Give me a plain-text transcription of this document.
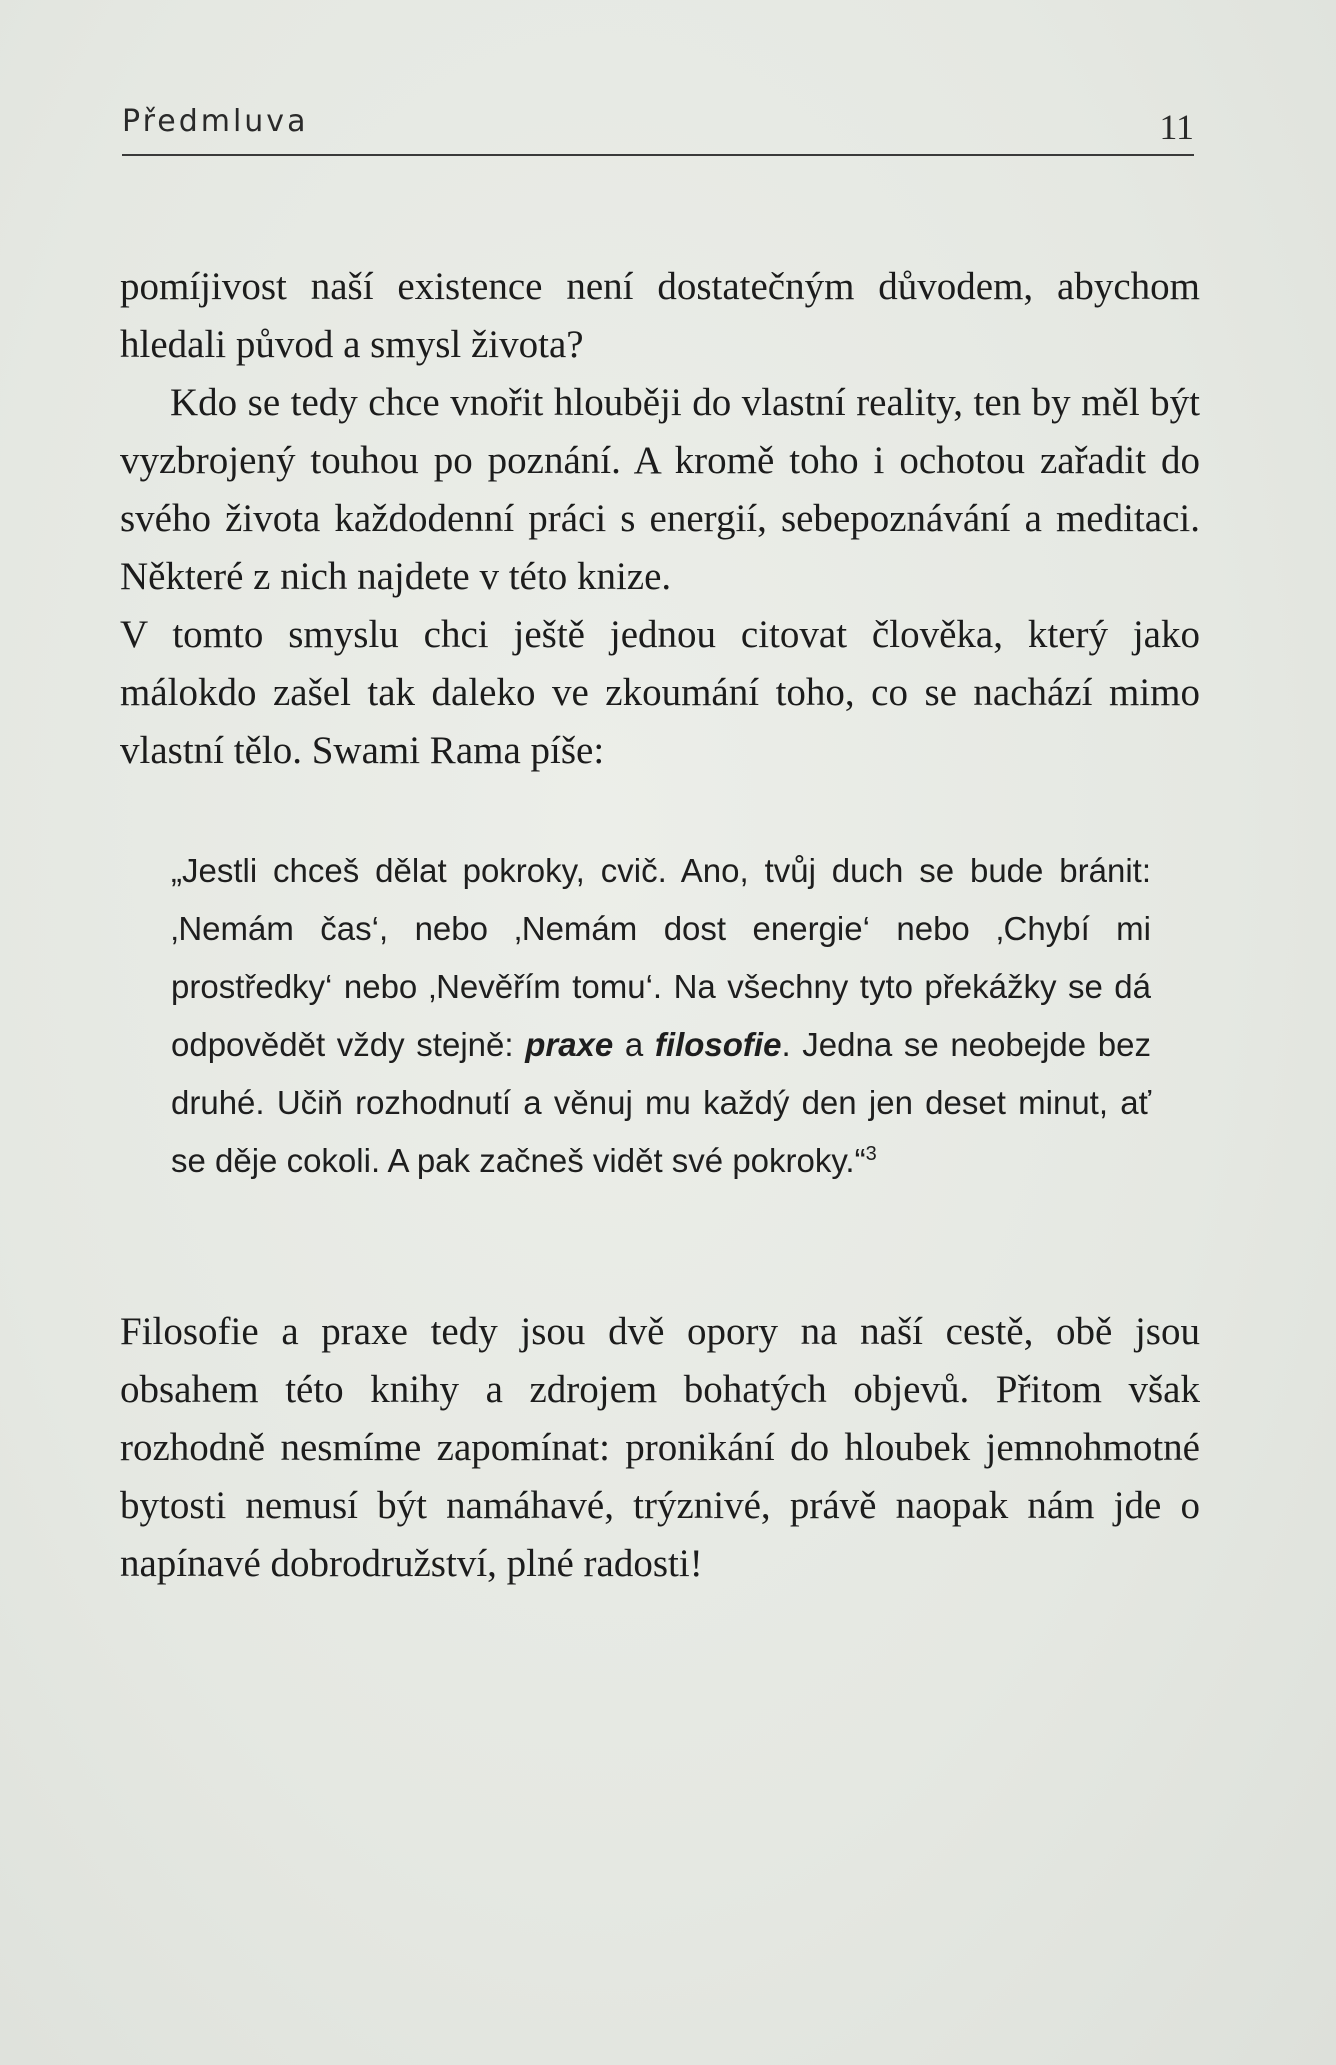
Předmluva	11

pomíjivost naší existence není dostatečným důvodem, abychom hledali původ a smysl života?

Kdo se tedy chce vnořit hlouběji do vlastní reality, ten by měl být vyzbrojený touhou po poznání. A kromě toho i ochotou zařadit do svého života každodenní práci s energií, sebepoznávání a meditaci. Některé z nich najdete v této knize.

V tomto smyslu chci ještě jednou citovat člověka, který jako málokdo zašel tak daleko ve zkoumání toho, co se nachází mimo vlastní tělo. Swami Rama píše:

„Jestli chceš dělat pokroky, cvič. Ano, tvůj duch se bude bránit: ‚Nemám čas‘, nebo ‚Nemám dost energie‘ nebo ‚Chybí mi prostředky‘ nebo ‚Nevěřím tomu‘. Na všechny tyto překážky se dá odpovědět vždy stejně: praxe a filosofie. Jedna se neobejde bez druhé. Učiň rozhodnutí a věnuj mu každý den jen deset minut, ať se děje cokoli. A pak začneš vidět své pokroky.“$^3$

Filosofie a praxe tedy jsou dvě opory na naší cestě, obě jsou obsahem této knihy a zdrojem bohatých objevů. Přitom však rozhodně nesmíme zapomínat: pronikání do hloubek jemnohmotné bytosti nemusí být namáhavé, trýznivé, právě naopak nám jde o napínavé dobrodružství, plné radosti!
